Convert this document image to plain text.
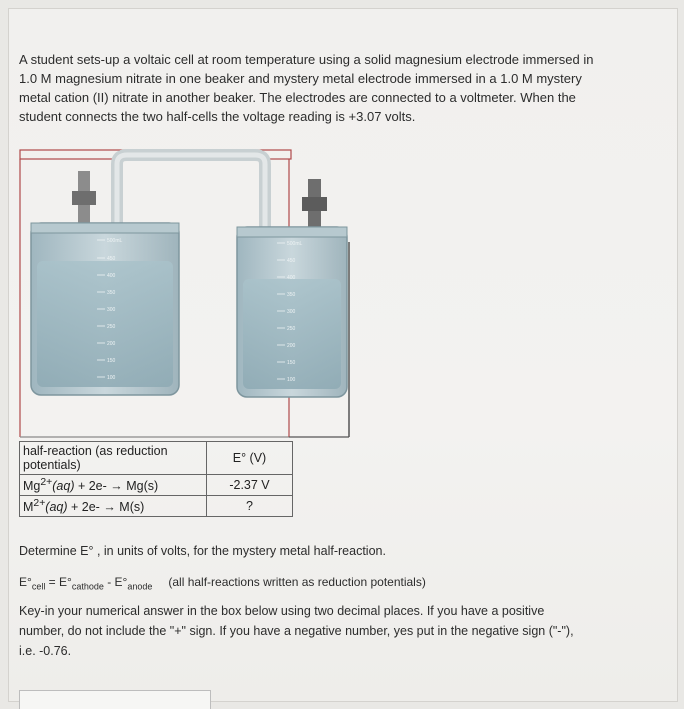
A student sets-up a voltaic cell at room temperature using a solid magnesium electrode immersed in 1.0 M magnesium nitrate in one beaker and mystery metal electrode immersed in a 1.0 M mystery metal cation (II) nitrate in another beaker. The electrodes are connected to a voltmeter. When the student connects the two half-cells the voltage reading is +3.07 volts.
500mL
450
400
350
300
250
200
150
100
500mL
450
400
350
300
250
200
150
100
half-reaction (as reduction potentials)	E° (V)
$Mg^{2+}(aq) + 2e- \to Mg(s)$	-2.37 V
$M^{2+}(aq) + 2e- \to M(s)$	?
Determine E° , in units of volts, for the mystery metal half-reaction.
$E^\circ_{cell} = E^\circ_{cathode} - E^\circ_{anode}$ (all half-reactions written as reduction potentials)
Key-in your numerical answer in the box below using two decimal places. If you have a positive number, do not include the "+" sign. If you have a negative number, yes put in the negative sign ("-"), i.e. -0.76.
